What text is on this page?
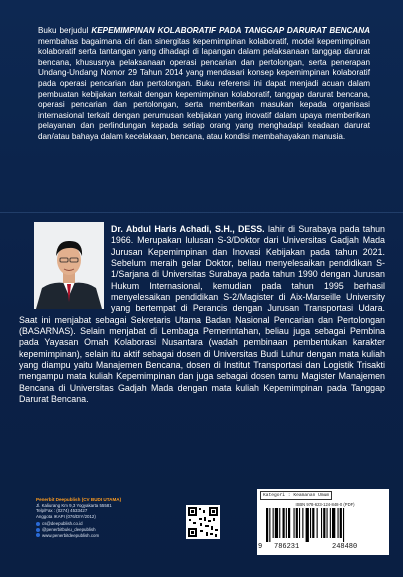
Buku berjudul KEPEMIMPINAN KOLABORATIF PADA TANGGAP DARURAT BENCANA membahas bagaimana ciri dan sinergitas kepemimpinan kolaboratif, model kepemimpinan kolaboratif serta tantangan yang dihadapi di lapangan dalam pelaksanaan tanggap darurat bencana, khususnya pelaksanaan operasi pencarian dan pertolongan, serta penerapan Undang-Undang Nomor 29 Tahun 2014 yang mendasari konsep kepemimpinan kolaboratif pada operasi pencarian dan pertolongan. Buku referensi ini dapat menjadi acuan dalam pembuatan kebijakan terkait dengan kepemimpinan kolaboratif, tanggap darurat bencana, operasi pencarian dan pertolongan, serta memberikan masukan kepada organisasi internasional terkait dengan perumusan kebijakan yang inovatif dalam upaya memberikan pelayanan dan perlindungan kepada setiap orang yang menghadapi keadaan darurat dan/atau bahaya dalam kecelakaan, bencana, atau kondisi membahayakan manusia.
Dr. Abdul Haris Achadi, S.H., DESS. lahir di Surabaya pada tahun 1966. Merupakan lulusan S-3/Doktor dari Universitas Gadjah Mada Jurusan Kepemimpinan dan Inovasi Kebijakan pada tahun 2021. Sebelum meraih gelar Doktor, beliau menyelesaikan pendidikan S-1/Sarjana di Universitas Surabaya pada tahun 1990 dengan Jurusan Hukum Internasional, kemudian pada tahun 1995 berhasil menyelesaikan pendidikan S-2/Magister di Aix-Marseille University yang bertempat di Perancis dengan Jurusan Transportasi Udara. Saat ini menjabat sebagai Sekretaris Utama Badan Nasional Pencarian dan Pertolongan (BASARNAS). Selain menjabat di Lembaga Pemerintahan, beliau juga sebagai Pembina pada Yayasan Omah Kolaborasi Nusantara (wadah pembinaan pembentukan karakter kepemimpinan), selain itu aktif sebagai dosen di Universitas Budi Luhur dengan mata kuliah yang diampu yaitu Manajemen Bencana, dosen di Institut Transportasi dan Logistik Trisakti mengampu mata kuliah Kepemimpinan dan juga sebagai dosen tamu Magister Manajemen Bencana di Universitas Gadjah Mada dengan mata kuliah Kepemimpinan pada Tanggap Darurat Bencana.
Penerbit Deepublish (CV BUDI UTAMA)
Jl. Kaliurang Km 9,3 Yogyakarta 55581
Telp/Fax : (0274) 4533427
Anggota IKAPI (076/DIY/2012)
cs@deepublish.co.id
@penerbitbuku_deepublish
www.penerbitdeepublish.com
Kategori : Keamanan Umum
ISBN 978-623-124-848-0 (PDF)
9 786231	248480
